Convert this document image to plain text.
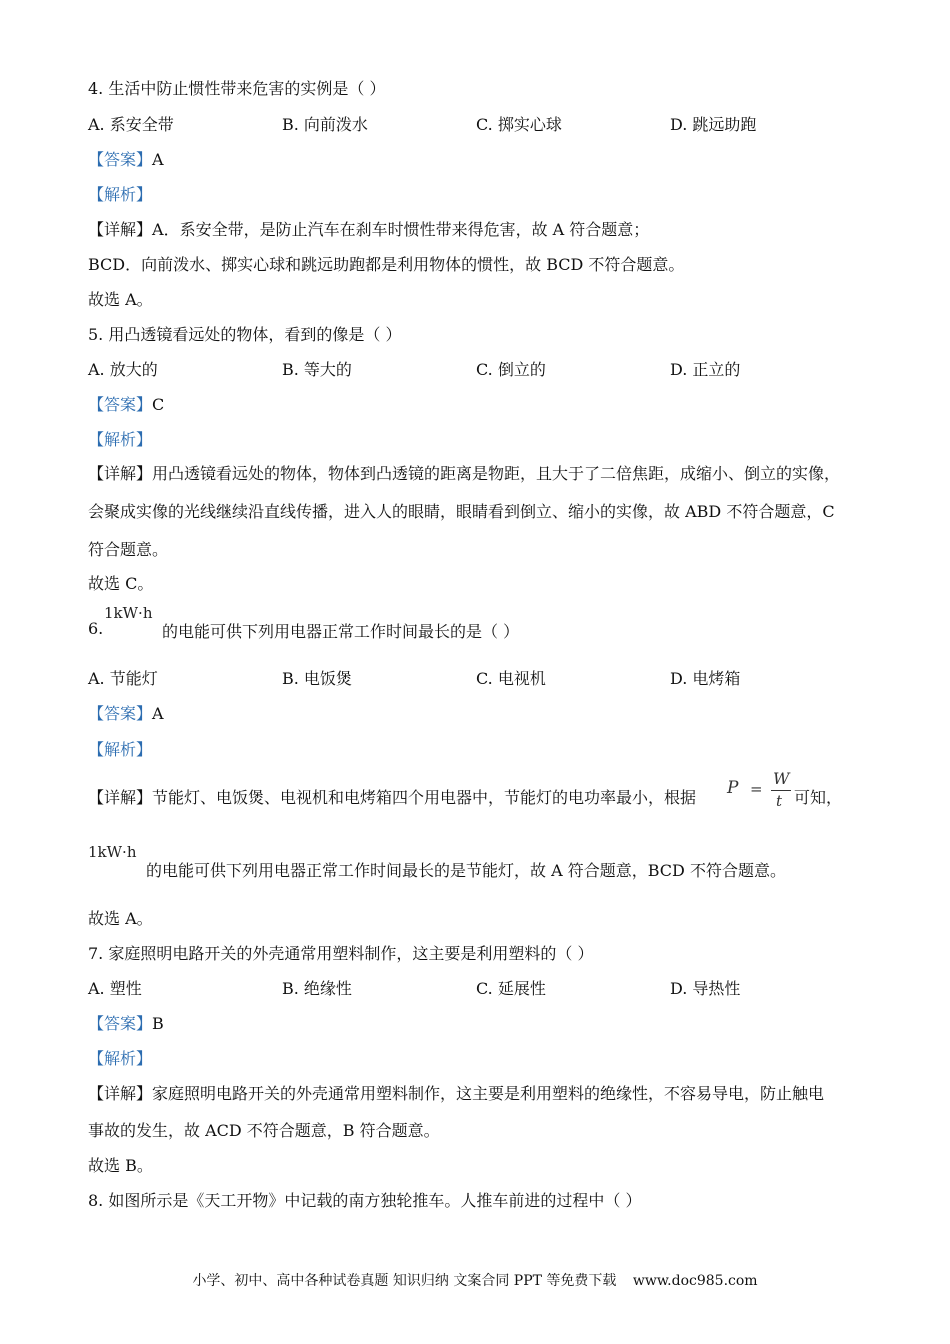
4. 生活中防止惯性带来危害的实例是（ ）
A. 系安全带	B. 向前泼水	C. 掷实心球	D. 跳远助跑
【答案】A
【解析】
【详解】A．系安全带，是防止汽车在刹车时惯性带来得危害，故 A 符合题意；
BCD．向前泼水、掷实心球和跳远助跑都是利用物体的惯性，故 BCD 不符合题意。
故选 A。
5. 用凸透镜看远处的物体，看到的像是（ ）
A. 放大的	B. 等大的	C. 倒立的	D. 正立的
【答案】C
【解析】
【详解】用凸透镜看远处的物体，物体到凸透镜的距离是物距，且大于了二倍焦距，成缩小、倒立的实像，
会聚成实像的光线继续沿直线传播，进入人的眼睛，眼睛看到倒立、缩小的实像，故 ABD 不符合题意，C
符合题意。
故选 C。
6.
1kW·h
的电能可供下列用电器正常工作时间最长的是（ ）
A. 节能灯	B. 电饭煲	C. 电视机	D. 电烤箱
【答案】A
【解析】
【详解】节能灯、电饭煲、电视机和电烤箱四个用电器中，节能灯的电功率最小，根据 P =
W
t 可知，
1kW·h
的电能可供下列用电器正常工作时间最长的是节能灯，故 A 符合题意，BCD 不符合题意。
故选 A。
7. 家庭照明电路开关的外壳通常用塑料制作，这主要是利用塑料的（ ）
A. 塑性	B. 绝缘性	C. 延展性	D. 导热性
【答案】B
【解析】
【详解】家庭照明电路开关的外壳通常用塑料制作，这主要是利用塑料的绝缘性，不容易导电，防止触电
事故的发生，故 ACD 不符合题意，B 符合题意。
故选 B。
8. 如图所示是《天工开物》中记载的南方独轮推车。人推车前进的过程中（ ）
小学、初中、高中各种试卷真题 知识归纳 文案合同 PPT 等免费下载 www.doc985.com
